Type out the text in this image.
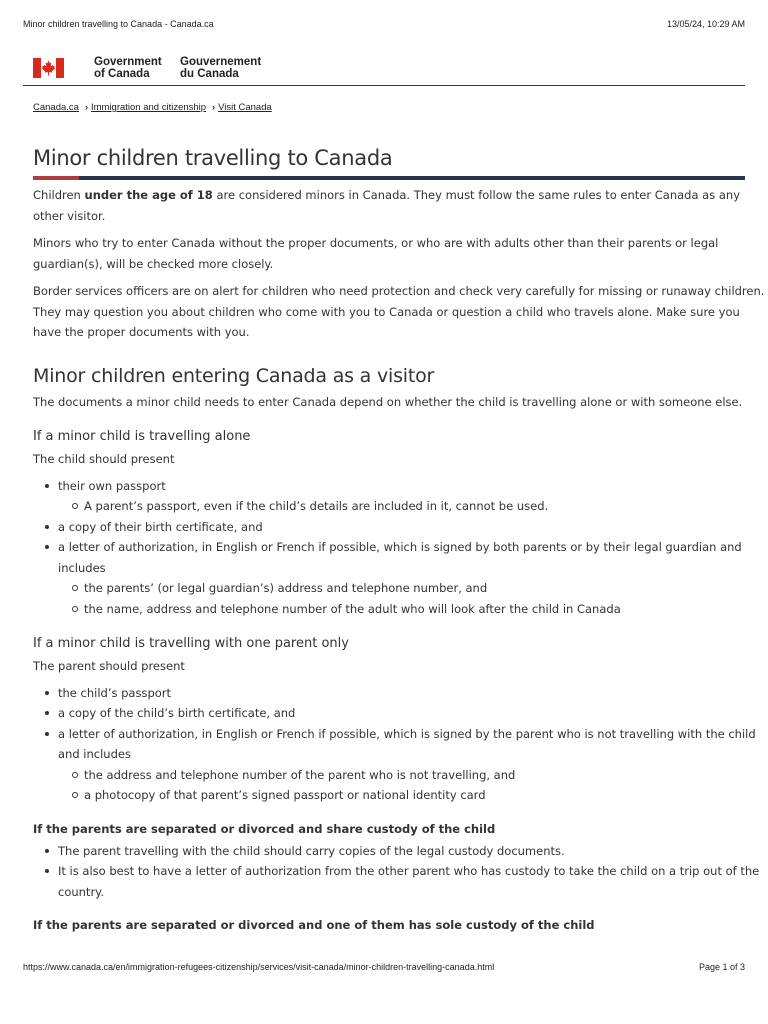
Minor children travelling to Canada - Canada.ca	13/05/24, 10:29 AM
Government
of Canada
Gouvernement
du Canada
Canada.ca › Immigration and citizenship › Visit Canada
Minor children travelling to Canada

Children under the age of 18 are considered minors in Canada. They must follow the same rules to enter Canada as any other visitor.

Minors who try to enter Canada without the proper documents, or who are with adults other than their parents or legal guardian(s), will be checked more closely.

Border services officers are on alert for children who need protection and check very carefully for missing or runaway children. They may question you about children who come with you to Canada or question a child who travels alone. Make sure you have the proper documents with you.

Minor children entering Canada as a visitor

The documents a minor child needs to enter Canada depend on whether the child is travelling alone or with someone else.

If a minor child is travelling alone

The child should present

their own passport
A parent’s passport, even if the child’s details are included in it, cannot be used.
a copy of their birth certificate, and
a letter of authorization, in English or French if possible, which is signed by both parents or by their legal guardian and includes
the parents’ (or legal guardian’s) address and telephone number, and
the name, address and telephone number of the adult who will look after the child in Canada
If a minor child is travelling with one parent only

The parent should present

the child’s passport
a copy of the child’s birth certificate, and
a letter of authorization, in English or French if possible, which is signed by the parent who is not travelling with the child and includes
the address and telephone number of the parent who is not travelling, and
a photocopy of that parent’s signed passport or national identity card
If the parents are separated or divorced and share custody of the child
The parent travelling with the child should carry copies of the legal custody documents.
It is also best to have a letter of authorization from the other parent who has custody to take the child on a trip out of the country.
If the parents are separated or divorced and one of them has sole custody of the child
https://www.canada.ca/en/immigration-refugees-citizenship/services/visit-canada/minor-children-travelling-canada.html	Page 1 of 3
